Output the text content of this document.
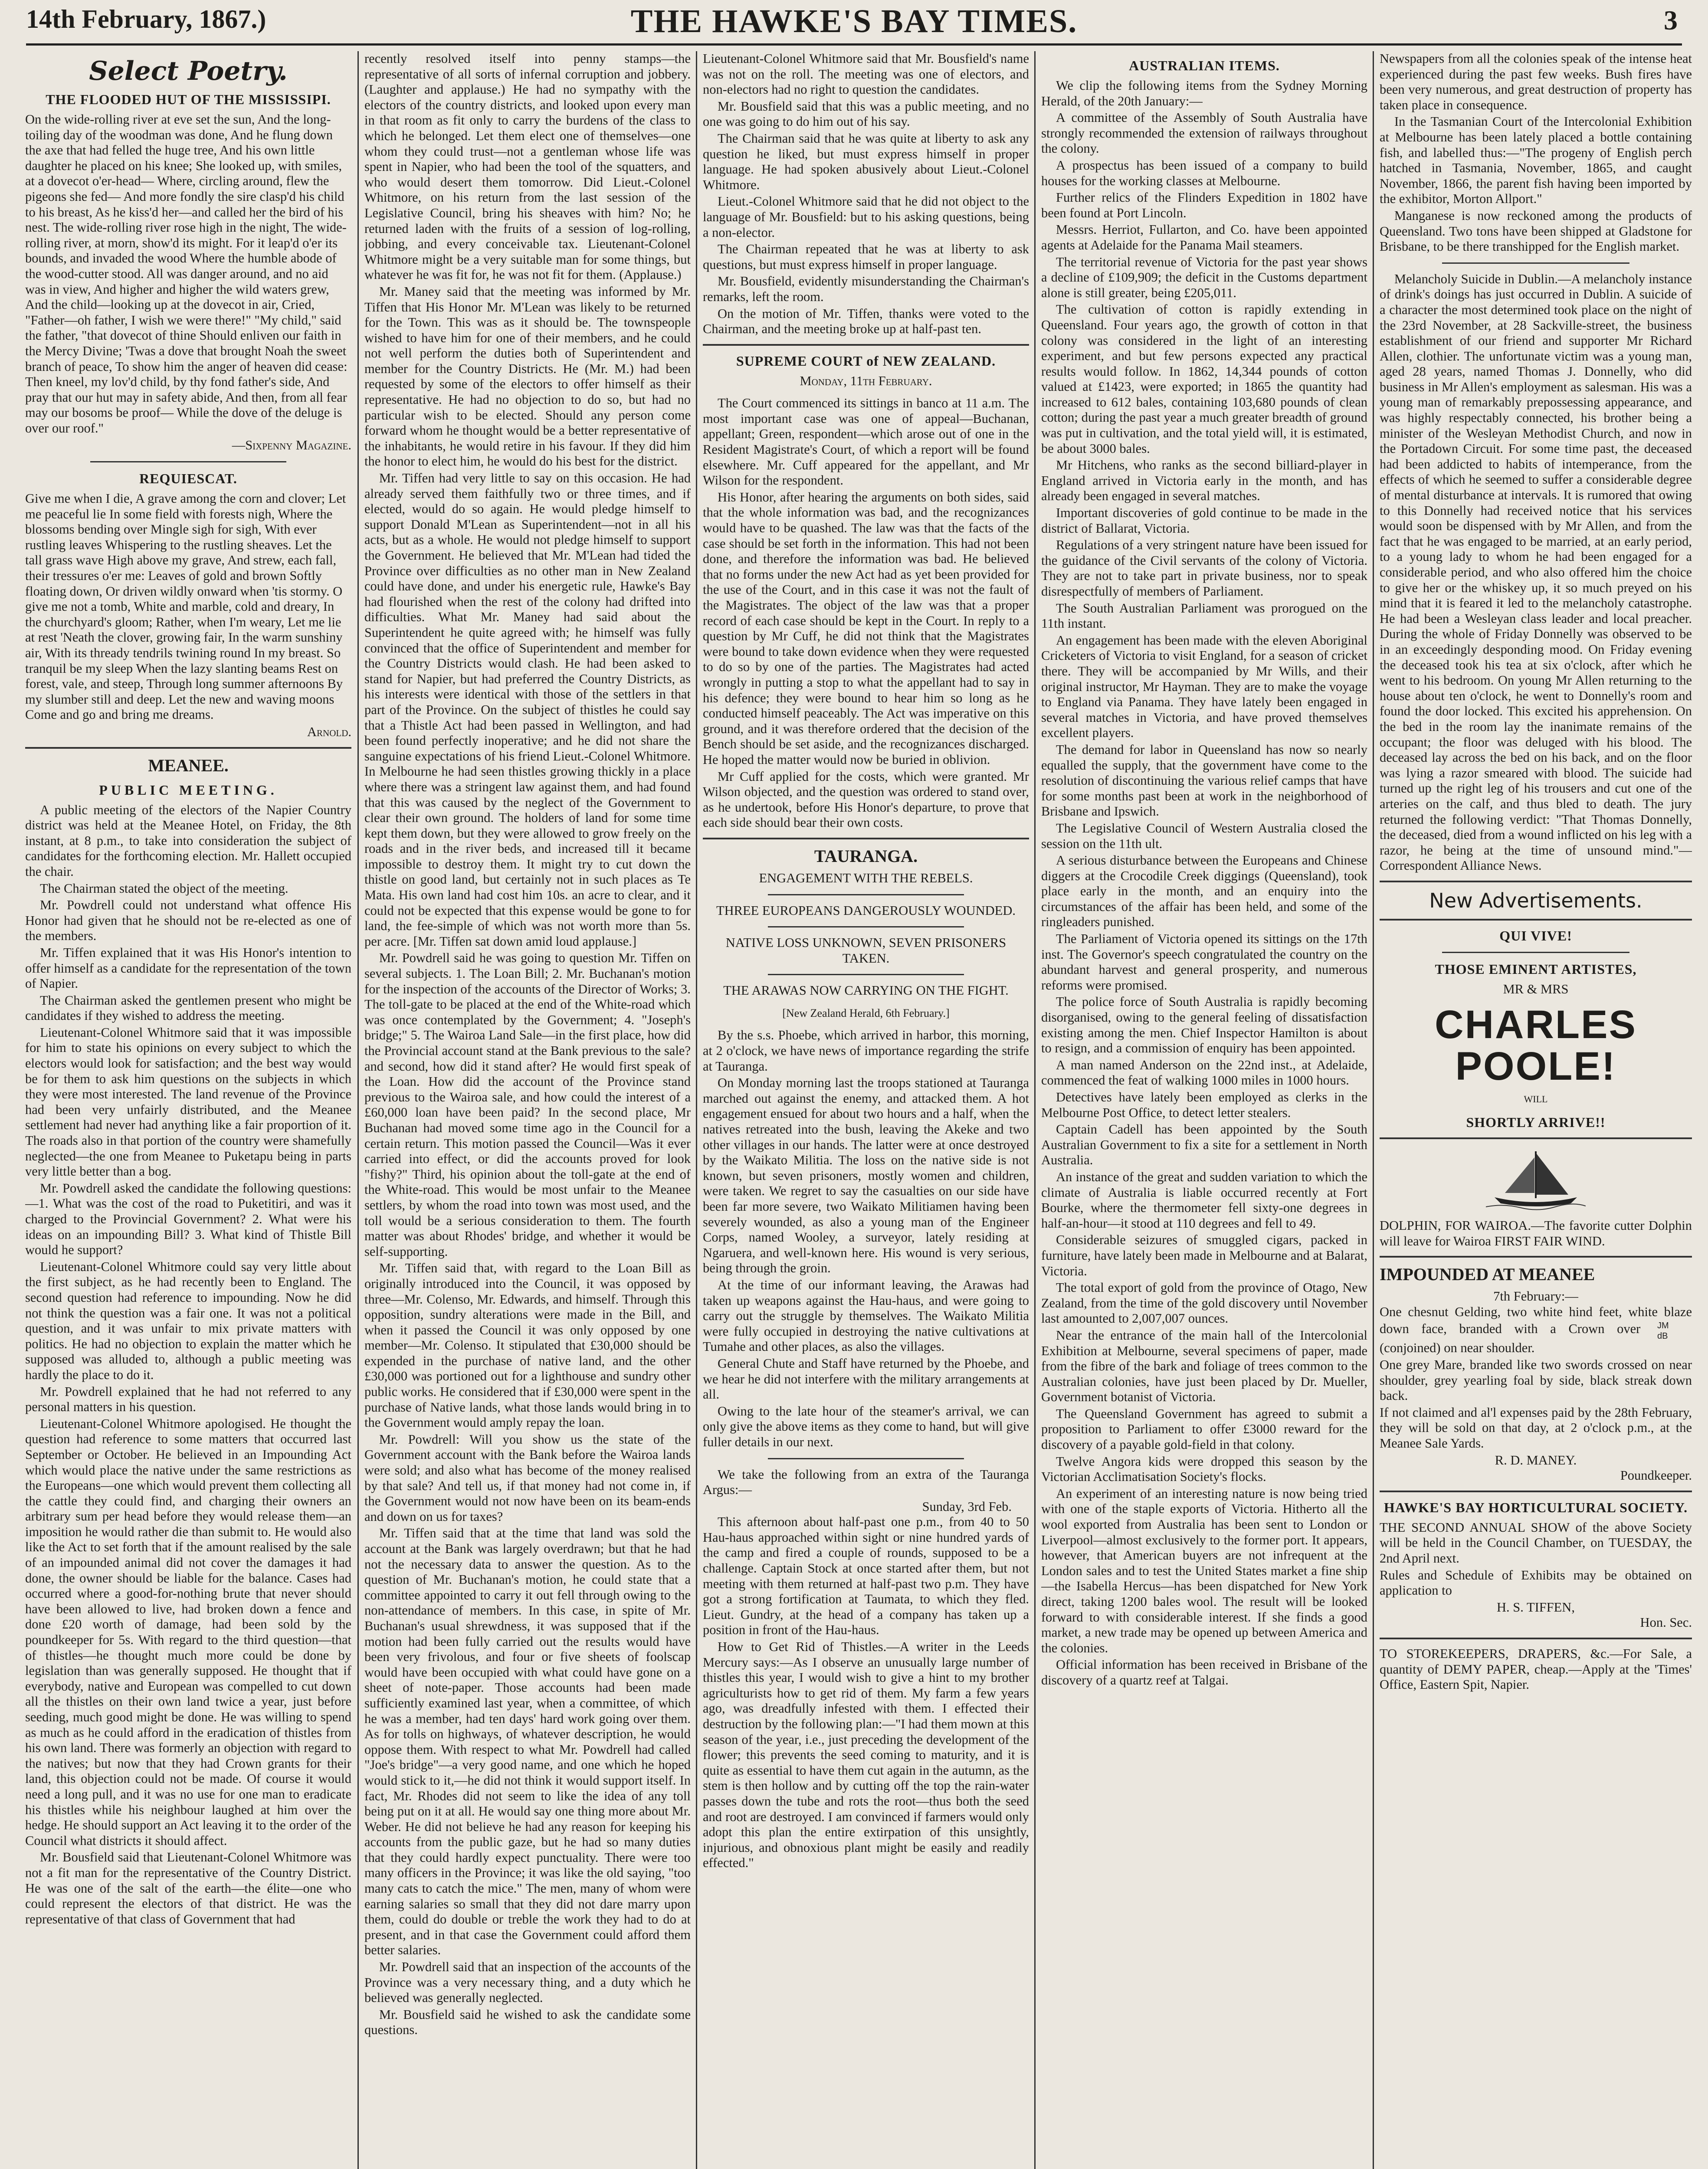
14th February, 1867.)	THE HAWKE'S BAY TIMES.	3
Select Poetry.
THE FLOODED HUT OF THE MISSISSIPI.

On the wide-rolling river at eve set the sun, And the long-toiling day of the woodman was done, And he flung down the axe that had felled the huge tree, And his own little daughter he placed on his knee; She looked up, with smiles, at a dovecot o'er-head— Where, circling around, flew the pigeons she fed— And more fondly the sire clasp'd his child to his breast, As he kiss'd her—and called her the bird of his nest. The wide-rolling river rose high in the night, The wide-rolling river, at morn, show'd its might. For it leap'd o'er its bounds, and invaded the wood Where the humble abode of the wood-cutter stood. All was danger around, and no aid was in view, And higher and higher the wild waters grew, And the child—looking up at the dovecot in air, Cried, "Father—oh father, I wish we were there!" "My child," said the father, "that dovecot of thine Should enliven our faith in the Mercy Divine; 'Twas a dove that brought Noah the sweet branch of peace, To show him the anger of heaven did cease: Then kneel, my lov'd child, by thy fond father's side, And pray that our hut may in safety abide, And then, from all fear may our bosoms be proof— While the dove of the deluge is over our roof."

—Sixpenny Magazine.
REQUIESCAT.

Give me when I die, A grave among the corn and clover; Let me peaceful lie In some field with forests nigh, Where the blossoms bending over Mingle sigh for sigh, With ever rustling leaves Whispering to the rustling sheaves. Let the tall grass wave High above my grave, And strew, each fall, their tressures o'er me: Leaves of gold and brown Softly floating down, Or driven wildly onward when 'tis stormy. O give me not a tomb, White and marble, cold and dreary, In the churchyard's gloom; Rather, when I'm weary, Let me lie at rest 'Neath the clover, growing fair, In the warm sunshiny air, With its thready tendrils twining round In my breast. So tranquil be my sleep When the lazy slanting beams Rest on forest, vale, and steep, Through long summer afternoons By my slumber still and deep. Let the new and waving moons Come and go and bring me dreams.

Arnold.
MEANEE.
PUBLIC MEETING.

A public meeting of the electors of the Napier Country district was held at the Meanee Hotel, on Friday, the 8th instant, at 8 p.m., to take into consideration the subject of candidates for the forthcoming election. Mr. Hallett occupied the chair.

The Chairman stated the object of the meeting.

Mr. Powdrell could not understand what offence His Honor had given that he should not be re-elected as one of the members.

Mr. Tiffen explained that it was His Honor's intention to offer himself as a candidate for the representation of the town of Napier.

The Chairman asked the gentlemen present who might be candidates if they wished to address the meeting.

Lieutenant-Colonel Whitmore said that it was impossible for him to state his opinions on every subject to which the electors would look for satisfaction; and the best way would be for them to ask him questions on the subjects in which they were most interested. The land revenue of the Province had been very unfairly distributed, and the Meanee settlement had never had anything like a fair proportion of it. The roads also in that portion of the country were shamefully neglected—the one from Meanee to Puketapu being in parts very little better than a bog.

Mr. Powdrell asked the candidate the following questions:—1. What was the cost of the road to Puketitiri, and was it charged to the Provincial Government? 2. What were his ideas on an impounding Bill? 3. What kind of Thistle Bill would he support?

Lieutenant-Colonel Whitmore could say very little about the first subject, as he had recently been to England. The second question had reference to impounding. Now he did not think the question was a fair one. It was not a political question, and it was unfair to mix private matters with politics. He had no objection to explain the matter which he supposed was alluded to, although a public meeting was hardly the place to do it.

Mr. Powdrell explained that he had not referred to any personal matters in his question.

Lieutenant-Colonel Whitmore apologised. He thought the question had reference to some matters that occurred last September or October. He believed in an Impounding Act which would place the native under the same restrictions as the Europeans—one which would prevent them collecting all the cattle they could find, and charging their owners an arbitrary sum per head before they would release them—an imposition he would rather die than submit to. He would also like the Act to set forth that if the amount realised by the sale of an impounded animal did not cover the damages it had done, the owner should be liable for the balance. Cases had occurred where a good-for-nothing brute that never should have been allowed to live, had broken down a fence and done £20 worth of damage, had been sold by the poundkeeper for 5s. With regard to the third question—that of thistles—he thought much more could be done by legislation than was generally supposed. He thought that if everybody, native and European was compelled to cut down all the thistles on their own land twice a year, just before seeding, much good might be done. He was willing to spend as much as he could afford in the eradication of thistles from his own land. There was formerly an objection with regard to the natives; but now that they had Crown grants for their land, this objection could not be made. Of course it would need a long pull, and it was no use for one man to eradicate his thistles while his neighbour laughed at him over the hedge. He should support an Act leaving it to the order of the Council what districts it should affect.

Mr. Bousfield said that Lieutenant-Colonel Whitmore was not a fit man for the representative of the Country District. He was one of the salt of the earth—the élite—one who could represent the electors of that district. He was the representative of that class of Government that had

recently resolved itself into penny stamps—the representative of all sorts of infernal corruption and jobbery. (Laughter and applause.) He had no sympathy with the electors of the country districts, and looked upon every man in that room as fit only to carry the burdens of the class to which he belonged. Let them elect one of themselves—one whom they could trust—not a gentleman whose life was spent in Napier, who had been the tool of the squatters, and who would desert them tomorrow. Did Lieut.-Colonel Whitmore, on his return from the last session of the Legislative Council, bring his sheaves with him? No; he returned laden with the fruits of a session of log-rolling, jobbing, and every conceivable tax. Lieutenant-Colonel Whitmore might be a very suitable man for some things, but whatever he was fit for, he was not fit for them. (Applause.)

Mr. Maney said that the meeting was informed by Mr. Tiffen that His Honor Mr. M'Lean was likely to be returned for the Town. This was as it should be. The townspeople wished to have him for one of their members, and he could not well perform the duties both of Superintendent and member for the Country Districts. He (Mr. M.) had been requested by some of the electors to offer himself as their representative. He had no objection to do so, but had no particular wish to be elected. Should any person come forward whom he thought would be a better representative of the inhabitants, he would retire in his favour. If they did him the honor to elect him, he would do his best for the district.

Mr. Tiffen had very little to say on this occasion. He had already served them faithfully two or three times, and if elected, would do so again. He would pledge himself to support Donald M'Lean as Superintendent—not in all his acts, but as a whole. He would not pledge himself to support the Government. He believed that Mr. M'Lean had tided the Province over difficulties as no other man in New Zealand could have done, and under his energetic rule, Hawke's Bay had flourished when the rest of the colony had drifted into difficulties. What Mr. Maney had said about the Superintendent he quite agreed with; he himself was fully convinced that the office of Superintendent and member for the Country Districts would clash. He had been asked to stand for Napier, but had preferred the Country Districts, as his interests were identical with those of the settlers in that part of the Province. On the subject of thistles he could say that a Thistle Act had been passed in Wellington, and had been found perfectly inoperative; and he did not share the sanguine expectations of his friend Lieut.-Colonel Whitmore. In Melbourne he had seen thistles growing thickly in a place where there was a stringent law against them, and had found that this was caused by the neglect of the Government to clear their own ground. The holders of land for some time kept them down, but they were allowed to grow freely on the roads and in the river beds, and increased till it became impossible to destroy them. It might try to cut down the thistle on good land, but certainly not in such places as Te Mata. His own land had cost him 10s. an acre to clear, and it could not be expected that this expense would be gone to for land, the fee-simple of which was not worth more than 5s. per acre. [Mr. Tiffen sat down amid loud applause.]

Mr. Powdrell said he was going to question Mr. Tiffen on several subjects. 1. The Loan Bill; 2. Mr. Buchanan's motion for the inspection of the accounts of the Director of Works; 3. The toll-gate to be placed at the end of the White-road which was once contemplated by the Government; 4. "Joseph's bridge;" 5. The Wairoa Land Sale—in the first place, how did the Provincial account stand at the Bank previous to the sale? and second, how did it stand after? He would first speak of the Loan. How did the account of the Province stand previous to the Wairoa sale, and how could the interest of a £60,000 loan have been paid? In the second place, Mr Buchanan had moved some time ago in the Council for a certain return. This motion passed the Council—Was it ever carried into effect, or did the accounts proved for look "fishy?" Third, his opinion about the toll-gate at the end of the White-road. This would be most unfair to the Meanee settlers, by whom the road into town was most used, and the toll would be a serious consideration to them. The fourth matter was about Rhodes' bridge, and whether it would be self-supporting.

Mr. Tiffen said that, with regard to the Loan Bill as originally introduced into the Council, it was opposed by three—Mr. Colenso, Mr. Edwards, and himself. Through this opposition, sundry alterations were made in the Bill, and when it passed the Council it was only opposed by one member—Mr. Colenso. It stipulated that £30,000 should be expended in the purchase of native land, and the other £30,000 was portioned out for a lighthouse and sundry other public works. He considered that if £30,000 were spent in the purchase of Native lands, what those lands would bring in to the Government would amply repay the loan.

Mr. Powdrell: Will you show us the state of the Government account with the Bank before the Wairoa lands were sold; and also what has become of the money realised by that sale? And tell us, if that money had not come in, if the Government would not now have been on its beam-ends and down on us for taxes?

Mr. Tiffen said that at the time that land was sold the account at the Bank was largely overdrawn; but that he had not the necessary data to answer the question. As to the question of Mr. Buchanan's motion, he could state that a committee appointed to carry it out fell through owing to the non-attendance of members. In this case, in spite of Mr. Buchanan's usual shrewdness, it was supposed that if the motion had been fully carried out the results would have been very frivolous, and four or five sheets of foolscap would have been occupied with what could have gone on a sheet of note-paper. Those accounts had been made sufficiently examined last year, when a committee, of which he was a member, had ten days' hard work going over them. As for tolls on highways, of whatever description, he would oppose them. With respect to what Mr. Powdrell had called "Joe's bridge"—a very good name, and one which he hoped would stick to it,—he did not think it would support itself. In fact, Mr. Rhodes did not seem to like the idea of any toll being put on it at all. He would say one thing more about Mr. Weber. He did not believe he had any reason for keeping his accounts from the public gaze, but he had so many duties that they could hardly expect punctuality. There were too many officers in the Province; it was like the old saying, "too many cats to catch the mice." The men, many of whom were earning salaries so small that they did not dare marry upon them, could do double or treble the work they had to do at present, and in that case the Government could afford them better salaries.

Mr. Powdrell said that an inspection of the accounts of the Province was a very necessary thing, and a duty which he believed was generally neglected.

Mr. Bousfield said he wished to ask the candidate some questions.

Lieutenant-Colonel Whitmore said that Mr. Bousfield's name was not on the roll. The meeting was one of electors, and non-electors had no right to question the candidates.

Mr. Bousfield said that this was a public meeting, and no one was going to do him out of his say.

The Chairman said that he was quite at liberty to ask any question he liked, but must express himself in proper language. He had spoken abusively about Lieut.-Colonel Whitmore.

Lieut.-Colonel Whitmore said that he did not object to the language of Mr. Bousfield: but to his asking questions, being a non-elector.

The Chairman repeated that he was at liberty to ask questions, but must express himself in proper language.

Mr. Bousfield, evidently misunderstanding the Chairman's remarks, left the room.

On the motion of Mr. Tiffen, thanks were voted to the Chairman, and the meeting broke up at half-past ten.

SUPREME COURT of NEW ZEALAND.
Monday, 11th February.

The Court commenced its sittings in banco at 11 a.m. The most important case was one of appeal—Buchanan, appellant; Green, respondent—which arose out of one in the Resident Magistrate's Court, of which a report will be found elsewhere. Mr. Cuff appeared for the appellant, and Mr Wilson for the respondent.

His Honor, after hearing the arguments on both sides, said that the whole information was bad, and the recognizances would have to be quashed. The law was that the facts of the case should be set forth in the information. This had not been done, and therefore the information was bad. He believed that no forms under the new Act had as yet been provided for the use of the Court, and in this case it was not the fault of the Magistrates. The object of the law was that a proper record of each case should be kept in the Court. In reply to a question by Mr Cuff, he did not think that the Magistrates were bound to take down evidence when they were requested to do so by one of the parties. The Magistrates had acted wrongly in putting a stop to what the appellant had to say in his defence; they were bound to hear him so long as he conducted himself peaceably. The Act was imperative on this ground, and it was therefore ordered that the decision of the Bench should be set aside, and the recognizances discharged. He hoped the matter would now be buried in oblivion.

Mr Cuff applied for the costs, which were granted. Mr Wilson objected, and the question was ordered to stand over, as he undertook, before His Honor's departure, to prove that each side should bear their own costs.

TAURANGA.
ENGAGEMENT WITH THE REBELS.
THREE EUROPEANS DANGEROUSLY WOUNDED.
NATIVE LOSS UNKNOWN, SEVEN PRISONERS TAKEN.
THE ARAWAS NOW CARRYING ON THE FIGHT.
[New Zealand Herald, 6th February.]

By the s.s. Phoebe, which arrived in harbor, this morning, at 2 o'clock, we have news of importance regarding the strife at Tauranga.

On Monday morning last the troops stationed at Tauranga marched out against the enemy, and attacked them. A hot engagement ensued for about two hours and a half, when the natives retreated into the bush, leaving the Akeke and two other villages in our hands. The latter were at once destroyed by the Waikato Militia. The loss on the native side is not known, but seven prisoners, mostly women and children, were taken. We regret to say the casualties on our side have been far more severe, two Waikato Militiamen having been severely wounded, as also a young man of the Engineer Corps, named Wooley, a surveyor, lately residing at Ngaruera, and well-known here. His wound is very serious, being through the groin.

At the time of our informant leaving, the Arawas had taken up weapons against the Hau-haus, and were going to carry out the struggle by themselves. The Waikato Militia were fully occupied in destroying the native cultivations at Tumahe and other places, as also the villages.

General Chute and Staff have returned by the Phoebe, and we hear he did not interfere with the military arrangements at all.

Owing to the late hour of the steamer's arrival, we can only give the above items as they come to hand, but will give fuller details in our next.

We take the following from an extra of the Tauranga Argus:—

Sunday, 3rd Feb.

This afternoon about half-past one p.m., from 40 to 50 Hau-haus approached within sight or nine hundred yards of the camp and fired a couple of rounds, supposed to be a challenge. Captain Stock at once started after them, but not meeting with them returned at half-past two p.m. They have got a strong fortification at Taumata, to which they fled. Lieut. Gundry, at the head of a company has taken up a position in front of the Hau-haus.

How to Get Rid of Thistles.—A writer in the Leeds Mercury says:—As I observe an unusually large number of thistles this year, I would wish to give a hint to my brother agriculturists how to get rid of them. My farm a few years ago, was dreadfully infested with them. I effected their destruction by the following plan:—"I had them mown at this season of the year, i.e., just preceding the development of the flower; this prevents the seed coming to maturity, and it is quite as essential to have them cut again in the autumn, as the stem is then hollow and by cutting off the top the rain-water passes down the tube and rots the root—thus both the seed and root are destroyed. I am convinced if farmers would only adopt this plan the entire extirpation of this unsightly, injurious, and obnoxious plant might be easily and readily effected."

AUSTRALIAN ITEMS.

We clip the following items from the Sydney Morning Herald, of the 20th January:—

A committee of the Assembly of South Australia have strongly recommended the extension of railways throughout the colony.

A prospectus has been issued of a company to build houses for the working classes at Melbourne.

Further relics of the Flinders Expedition in 1802 have been found at Port Lincoln.

Messrs. Herriot, Fullarton, and Co. have been appointed agents at Adelaide for the Panama Mail steamers.

The territorial revenue of Victoria for the past year shows a decline of £109,909; the deficit in the Customs department alone is still greater, being £205,011.

The cultivation of cotton is rapidly extending in Queensland. Four years ago, the growth of cotton in that colony was considered in the light of an interesting experiment, and but few persons expected any practical results would follow. In 1862, 14,344 pounds of cotton valued at £1423, were exported; in 1865 the quantity had increased to 612 bales, containing 103,680 pounds of clean cotton; during the past year a much greater breadth of ground was put in cultivation, and the total yield will, it is estimated, be about 3000 bales.

Mr Hitchens, who ranks as the second billiard-player in England arrived in Victoria early in the month, and has already been engaged in several matches.

Important discoveries of gold continue to be made in the district of Ballarat, Victoria.

Regulations of a very stringent nature have been issued for the guidance of the Civil servants of the colony of Victoria. They are not to take part in private business, nor to speak disrespectfully of members of Parliament.

The South Australian Parliament was prorogued on the 11th instant.

An engagement has been made with the eleven Aboriginal Cricketers of Victoria to visit England, for a season of cricket there. They will be accompanied by Mr Wills, and their original instructor, Mr Hayman. They are to make the voyage to England via Panama. They have lately been engaged in several matches in Victoria, and have proved themselves excellent players.

The demand for labor in Queensland has now so nearly equalled the supply, that the government have come to the resolution of discontinuing the various relief camps that have for some months past been at work in the neighborhood of Brisbane and Ipswich.

The Legislative Council of Western Australia closed the session on the 11th ult.

A serious disturbance between the Europeans and Chinese diggers at the Crocodile Creek diggings (Queensland), took place early in the month, and an enquiry into the circumstances of the affair has been held, and some of the ringleaders punished.

The Parliament of Victoria opened its sittings on the 17th inst. The Governor's speech congratulated the country on the abundant harvest and general prosperity, and numerous reforms were promised.

The police force of South Australia is rapidly becoming disorganised, owing to the general feeling of dissatisfaction existing among the men. Chief Inspector Hamilton is about to resign, and a commission of enquiry has been appointed.

A man named Anderson on the 22nd inst., at Adelaide, commenced the feat of walking 1000 miles in 1000 hours.

Detectives have lately been employed as clerks in the Melbourne Post Office, to detect letter stealers.

Captain Cadell has been appointed by the South Australian Government to fix a site for a settlement in North Australia.

An instance of the great and sudden variation to which the climate of Australia is liable occurred recently at Fort Bourke, where the thermometer fell sixty-one degrees in half-an-hour—it stood at 110 degrees and fell to 49.

Considerable seizures of smuggled cigars, packed in furniture, have lately been made in Melbourne and at Balarat, Victoria.

The total export of gold from the province of Otago, New Zealand, from the time of the gold discovery until November last amounted to 2,007,007 ounces.

Near the entrance of the main hall of the Intercolonial Exhibition at Melbourne, several specimens of paper, made from the fibre of the bark and foliage of trees common to the Australian colonies, have just been placed by Dr. Mueller, Government botanist of Victoria.

The Queensland Government has agreed to submit a proposition to Parliament to offer £3000 reward for the discovery of a payable gold-field in that colony.

Twelve Angora kids were dropped this season by the Victorian Acclimatisation Society's flocks.

An experiment of an interesting nature is now being tried with one of the staple exports of Victoria. Hitherto all the wool exported from Australia has been sent to London or Liverpool—almost exclusively to the former port. It appears, however, that American buyers are not infrequent at the London sales and to test the United States market a fine ship—the Isabella Hercus—has been dispatched for New York direct, taking 1200 bales wool. The result will be looked forward to with considerable interest. If she finds a good market, a new trade may be opened up between America and the colonies.

Official information has been received in Brisbane of the discovery of a quartz reef at Talgai.

Newspapers from all the colonies speak of the intense heat experienced during the past few weeks. Bush fires have been very numerous, and great destruction of property has taken place in consequence.

In the Tasmanian Court of the Intercolonial Exhibition at Melbourne has been lately placed a bottle containing fish, and labelled thus:—"The progeny of English perch hatched in Tasmania, November, 1865, and caught November, 1866, the parent fish having been imported by the exhibitor, Morton Allport."

Manganese is now reckoned among the products of Queensland. Two tons have been shipped at Gladstone for Brisbane, to be there transhipped for the English market.

Melancholy Suicide in Dublin.—A melancholy instance of drink's doings has just occurred in Dublin. A suicide of a character the most determined took place on the night of the 23rd November, at 28 Sackville-street, the business establishment of our friend and supporter Mr Richard Allen, clothier. The unfortunate victim was a young man, aged 28 years, named Thomas J. Donnelly, who did business in Mr Allen's employment as salesman. His was a young man of remarkably prepossessing appearance, and was highly respectably connected, his brother being a minister of the Wesleyan Methodist Church, and now in the Portadown Circuit. For some time past, the deceased had been addicted to habits of intemperance, from the effects of which he seemed to suffer a considerable degree of mental disturbance at intervals. It is rumored that owing to this Donnelly had received notice that his services would soon be dispensed with by Mr Allen, and from the fact that he was engaged to be married, at an early period, to a young lady to whom he had been engaged for a considerable period, and who also offered him the choice to give her or the whiskey up, it so much preyed on his mind that it is feared it led to the melancholy catastrophe. He had been a Wesleyan class leader and local preacher. During the whole of Friday Donnelly was observed to be in an exceedingly desponding mood. On Friday evening the deceased took his tea at six o'clock, after which he went to his bedroom. On young Mr Allen returning to the house about ten o'clock, he went to Donnelly's room and found the door locked. This excited his apprehension. On the bed in the room lay the inanimate remains of the occupant; the floor was deluged with his blood. The deceased lay across the bed on his back, and on the floor was lying a razor smeared with blood. The suicide had turned up the right leg of his trousers and cut one of the arteries on the calf, and thus bled to death. The jury returned the following verdict: "That Thomas Donnelly, the deceased, died from a wound inflicted on his leg with a razor, he being at the time of unsound mind."—Correspondent Alliance News.

New Advertisements.
QUI VIVE!
THOSE EMINENT ARTISTES,
MR & MRS
CHARLES POOLE!
WILL
SHORTLY ARRIVE!!

DOLPHIN, FOR WAIROA.—The favorite cutter Dolphin will leave for Wairoa FIRST FAIR WIND.

IMPOUNDED AT MEANEE
7th February:—

One chesnut Gelding, two white hind feet, white blaze down face, branded with a Crown over JM
dB
(conjoined) on near shoulder.

One grey Mare, branded like two swords crossed on near shoulder, grey yearling foal by side, black streak down back.

If not claimed and al'l expenses paid by the 28th February, they will be sold on that day, at 2 o'clock p.m., at the Meanee Sale Yards.

R. D. MANEY.
Poundkeeper.
HAWKE'S BAY HORTICULTURAL SOCIETY.

THE SECOND ANNUAL SHOW of the above Society will be held in the Council Chamber, on TUESDAY, the 2nd April next.

Rules and Schedule of Exhibits may be obtained on application to

H. S. TIFFEN,
Hon. Sec.

TO STOREKEEPERS, DRAPERS, &c.—For Sale, a quantity of DEMY PAPER, cheap.—Apply at the 'Times' Office, Eastern Spit, Napier.
